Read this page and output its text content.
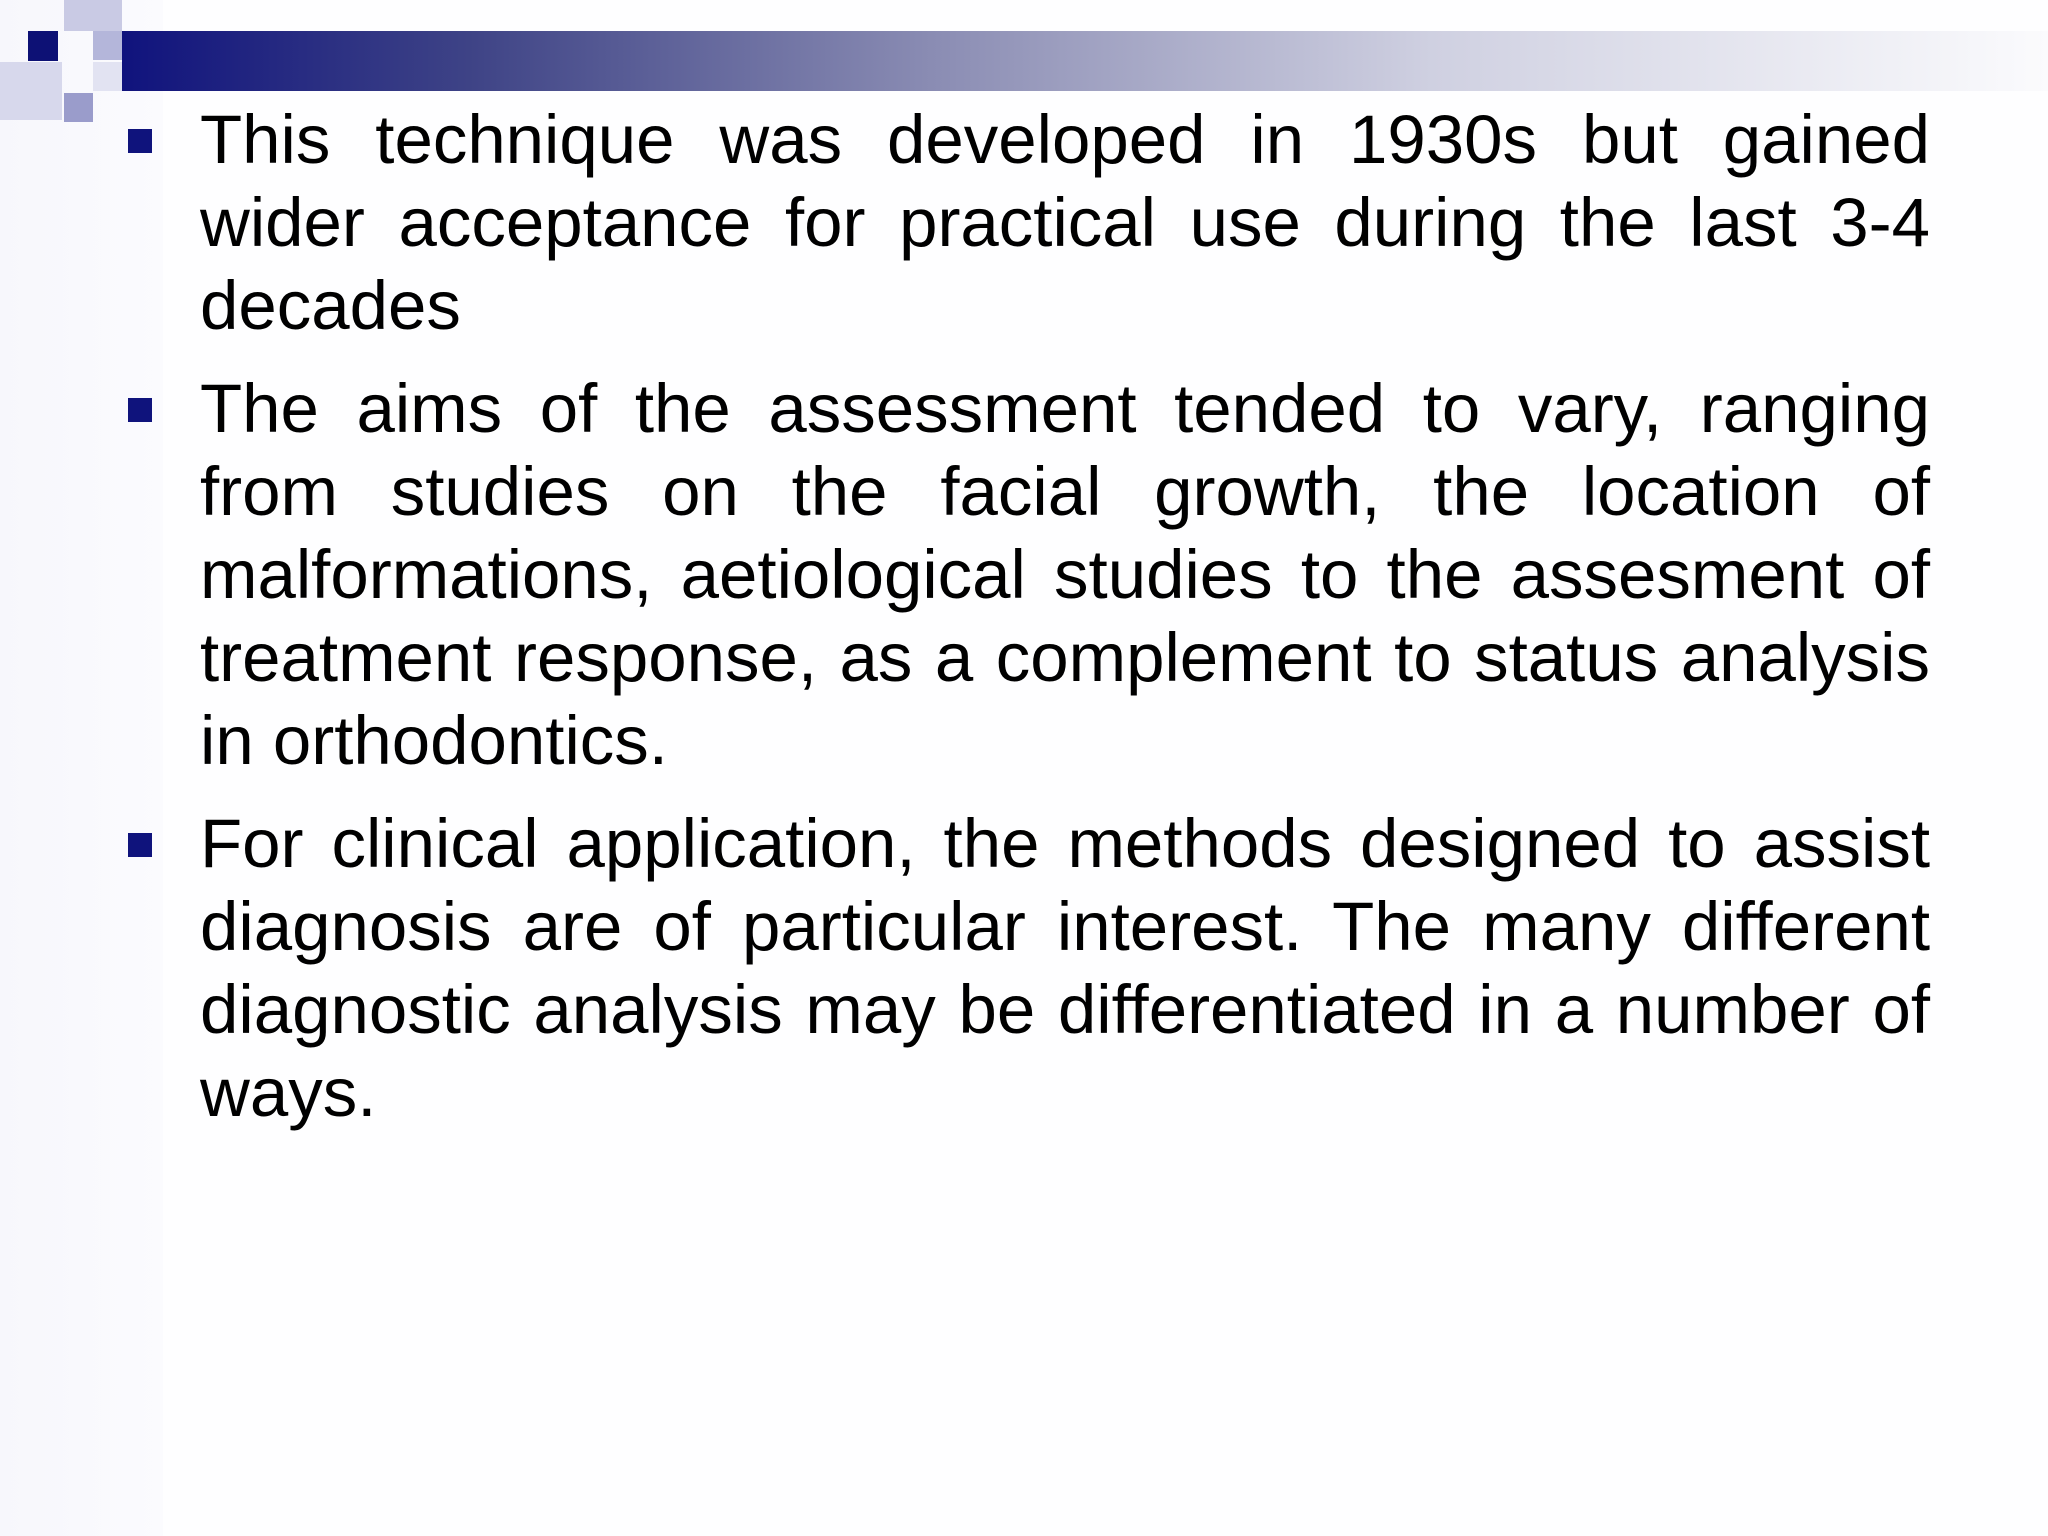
This technique was developed in 1930s but gained wider acceptance for practical use during the last 3-4 decades

The aims of the assessment tended to vary, ranging from studies on the facial growth, the location of malformations, aetiological studies to the assesment of treatment response, as a complement to status analysis in orthodontics.

For clinical application, the methods designed to assist diagnosis are of particular interest. The many different diagnostic analysis may be differentiated in a number of ways.
